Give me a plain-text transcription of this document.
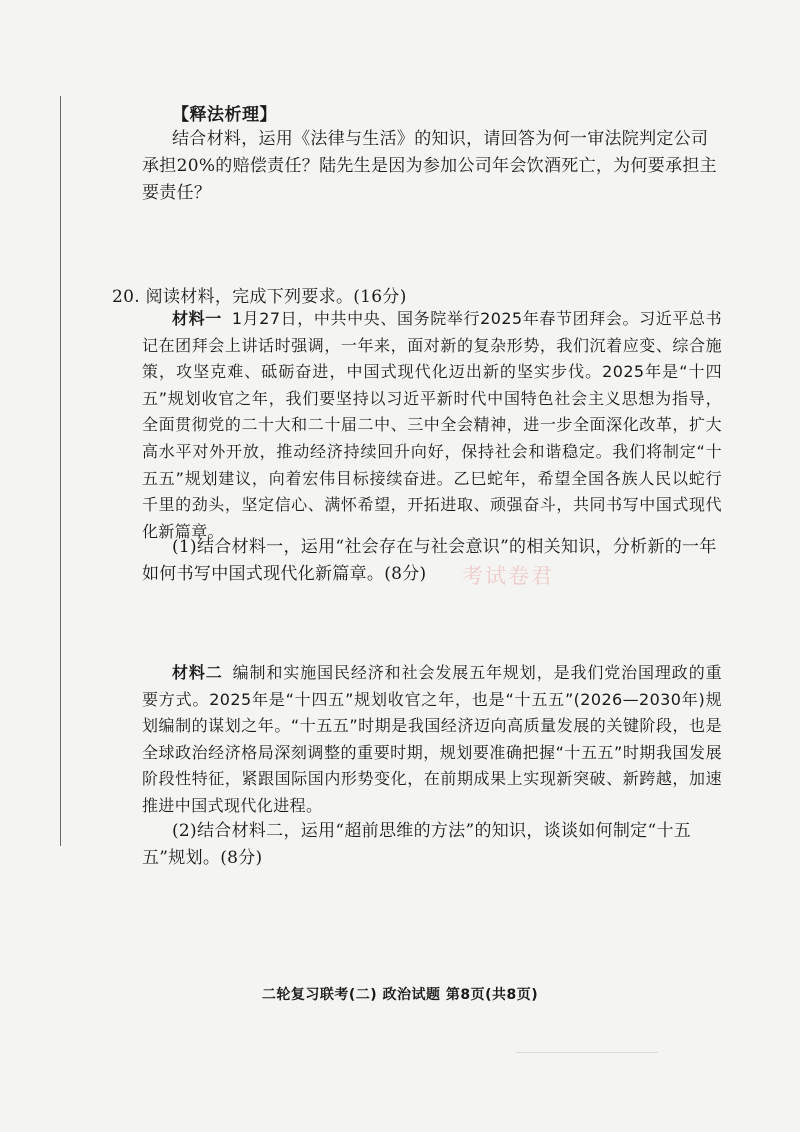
【释法析理】

结合材料，运用《法律与生活》的知识，请回答为何一审法院判定公司承担20%的赔偿责任？陆先生是因为参加公司年会饮酒死亡，为何要承担主要责任？

20. 阅读材料，完成下列要求。(16分)

材料一 1月27日，中共中央、国务院举行2025年春节团拜会。习近平总书记在团拜会上讲话时强调，一年来，面对新的复杂形势，我们沉着应变、综合施策，攻坚克难、砥砺奋进，中国式现代化迈出新的坚实步伐。2025年是“十四五”规划收官之年，我们要坚持以习近平新时代中国特色社会主义思想为指导，全面贯彻党的二十大和二十届二中、三中全会精神，进一步全面深化改革，扩大高水平对外开放，推动经济持续回升向好，保持社会和谐稳定。我们将制定“十五五”规划建议，向着宏伟目标接续奋进。乙巳蛇年，希望全国各族人民以蛇行千里的劲头，坚定信心、满怀希望，开拓进取、顽强奋斗，共同书写中国式现代化新篇章。

(1)结合材料一，运用“社会存在与社会意识”的相关知识，分析新的一年如何书写中国式现代化新篇章。(8分)	考试卷君

材料二 编制和实施国民经济和社会发展五年规划，是我们党治国理政的重要方式。2025年是“十四五”规划收官之年，也是“十五五”(2026—2030年)规划编制的谋划之年。“十五五”时期是我国经济迈向高质量发展的关键阶段，也是全球政治经济格局深刻调整的重要时期，规划要准确把握“十五五”时期我国发展阶段性特征，紧跟国际国内形势变化，在前期成果上实现新突破、新跨越，加速推进中国式现代化进程。

(2)结合材料二，运用“超前思维的方法”的知识，谈谈如何制定“十五五”规划。(8分)

二轮复习联考(二) 政治试题 第8页(共8页)
